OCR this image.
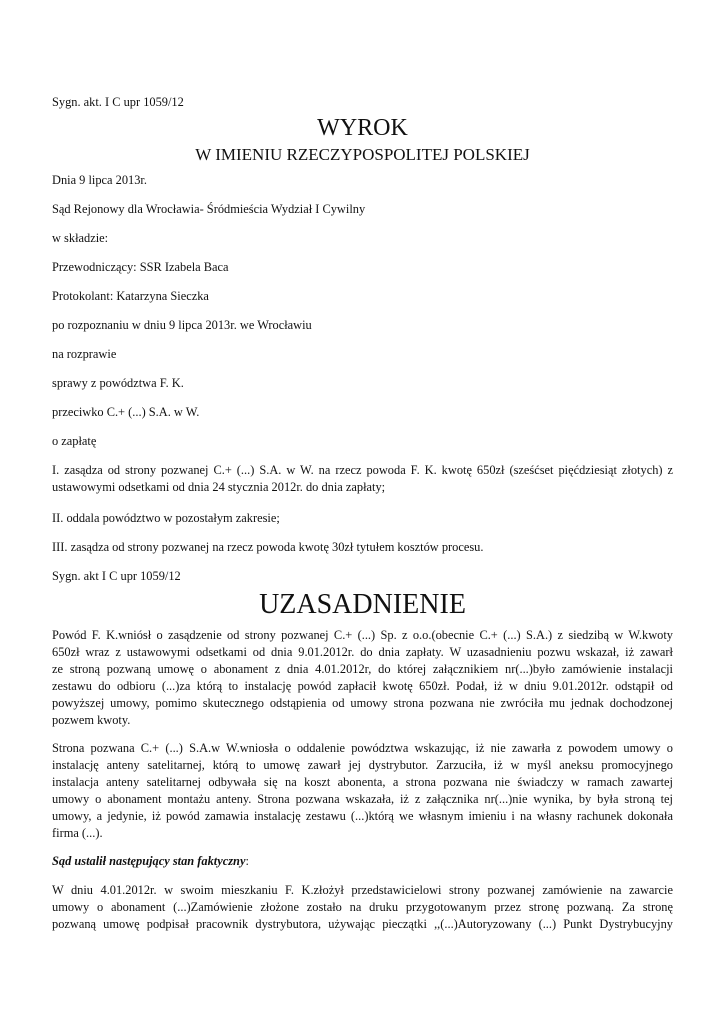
Sygn. akt. I C upr 1059/12

WYROK
W IMIENIU RZECZYPOSPOLITEJ POLSKIEJ

Dnia 9 lipca 2013r.

Sąd Rejonowy dla Wrocławia- Śródmieścia Wydział I Cywilny

w składzie:

Przewodniczący: SSR Izabela Baca

Protokolant: Katarzyna Sieczka

po rozpoznaniu w dniu 9 lipca 2013r. we Wrocławiu

na rozprawie

sprawy z powództwa F. K.

przeciwko C.+ (...) S.A. w W.

o zapłatę

I. zasądza od strony pozwanej C.+ (...) S.A. w W. na rzecz powoda F. K. kwotę 650zł (sześćset pięćdziesiąt złotych) z
ustawowymi odsetkami od dnia 24 stycznia 2012r. do dnia zapłaty;

II. oddala powództwo w pozostałym zakresie;

III. zasądza od strony pozwanej na rzecz powoda kwotę 30zł tytułem kosztów procesu.

Sygn. akt I C upr 1059/12

UZASADNIENIE
Powód F. K.wniósł o zasądzenie od strony pozwanej C.+ (...) Sp. z o.o.(obecnie C.+ (...) S.A.) z siedzibą w W.kwoty
650zł wraz z ustawowymi odsetkami od dnia 9.01.2012r. do dnia zapłaty. W uzasadnieniu pozwu wskazał, iż zawarł
ze stroną pozwaną umowę o abonament z dnia 4.01.2012r, do której załącznikiem nr(...)było zamówienie instalacji
zestawu do odbioru (...)za którą to instalację powód zapłacił kwotę 650zł. Podał, iż w dniu 9.01.2012r. odstąpił od
powyższej umowy, pomimo skutecznego odstąpienia od umowy strona pozwana nie zwróciła mu jednak dochodzonej
pozwem kwoty.
Strona pozwana C.+ (...) S.A.w W.wniosła o oddalenie powództwa wskazując, iż nie zawarła z powodem umowy o
instalację anteny satelitarnej, którą to umowę zawarł jej dystrybutor. Zarzuciła, iż w myśl aneksu promocyjnego
instalacja anteny satelitarnej odbywała się na koszt abonenta, a strona pozwana nie świadczy w ramach zawartej
umowy o abonament montażu anteny. Strona pozwana wskazała, iż z załącznika nr(...)nie wynika, by była stroną tej
umowy, a jedynie, iż powód zamawia instalację zestawu (...)którą we własnym imieniu i na własny rachunek dokonała
firma (...).

Sąd ustalił następujący stan faktyczny:

W dniu 4.01.2012r. w swoim mieszkaniu F. K.złożył przedstawicielowi strony pozwanej zamówienie na zawarcie
umowy o abonament (...)Zamówienie złożone zostało na druku przygotowanym przez stronę pozwaną. Za stronę
pozwaną umowę podpisał pracownik dystrybutora, używając pieczątki ,,(...)Autoryzowany (...) Punkt Dystrybucyjny
